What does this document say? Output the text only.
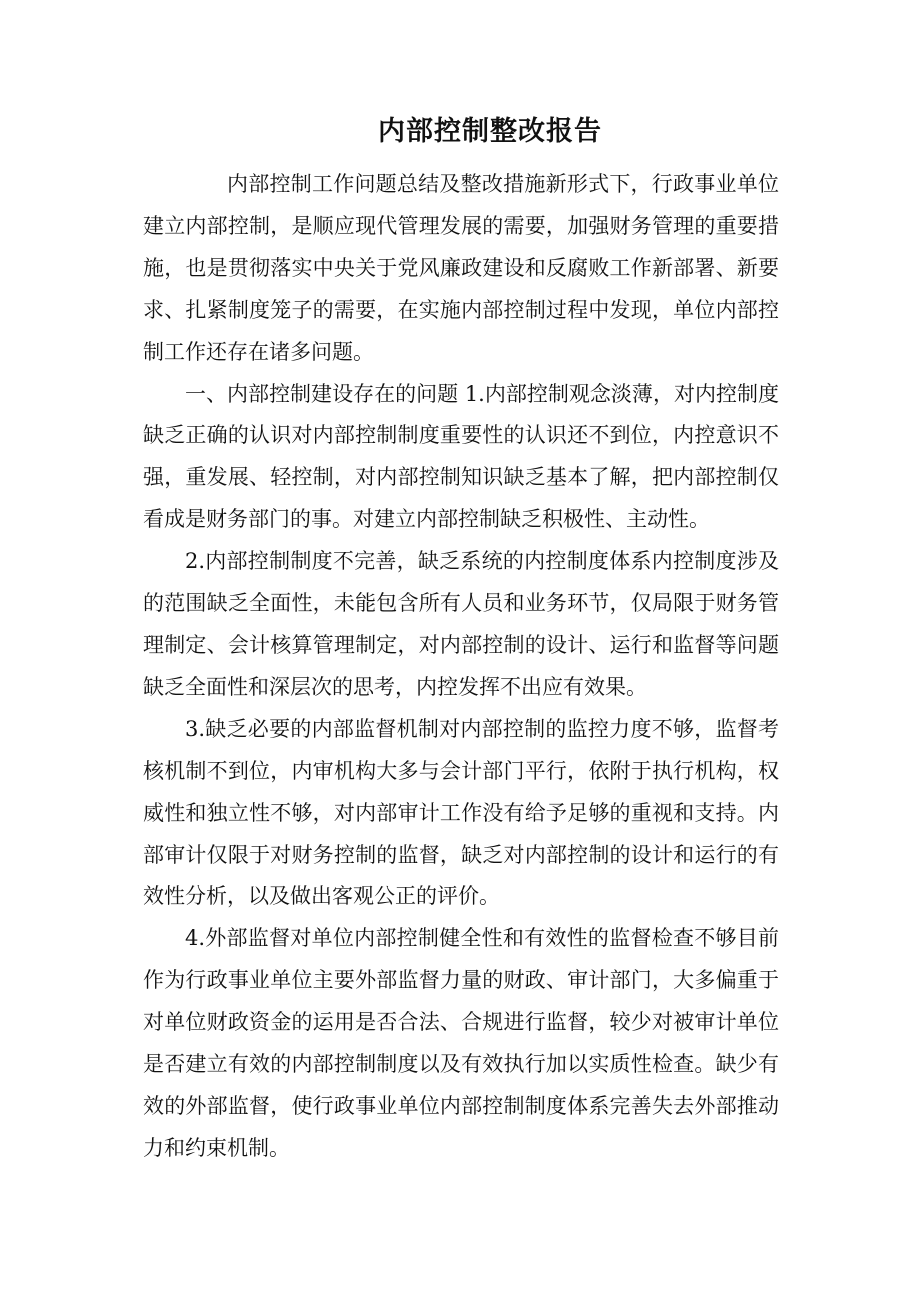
内部控制整改报告

内部控制工作问题总结及整改措施新形式下，行政事业单位建立内部控制，是顺应现代管理发展的需要，加强财务管理的重要措施，也是贯彻落实中央关于党风廉政建设和反腐败工作新部署、新要求、扎紧制度笼子的需要，在实施内部控制过程中发现，单位内部控制工作还存在诸多问题。

一、内部控制建设存在的问题 1.内部控制观念淡薄，对内控制度缺乏正确的认识对内部控制制度重要性的认识还不到位，内控意识不强，重发展、轻控制，对内部控制知识缺乏基本了解，把内部控制仅看成是财务部门的事。对建立内部控制缺乏积极性、主动性。

2.内部控制制度不完善，缺乏系统的内控制度体系内控制度涉及的范围缺乏全面性，未能包含所有人员和业务环节，仅局限于财务管理制定、会计核算管理制定，对内部控制的设计、运行和监督等问题缺乏全面性和深层次的思考，内控发挥不出应有效果。

3.缺乏必要的内部监督机制对内部控制的监控力度不够，监督考核机制不到位，内审机构大多与会计部门平行，依附于执行机构，权威性和独立性不够，对内部审计工作没有给予足够的重视和支持。内部审计仅限于对财务控制的监督，缺乏对内部控制的设计和运行的有效性分析，以及做出客观公正的评价。

4.外部监督对单位内部控制健全性和有效性的监督检查不够目前作为行政事业单位主要外部监督力量的财政、审计部门，大多偏重于对单位财政资金的运用是否合法、合规进行监督，较少对被审计单位是否建立有效的内部控制制度以及有效执行加以实质性检查。缺少有效的外部监督，使行政事业单位内部控制制度体系完善失去外部推动力和约束机制。
